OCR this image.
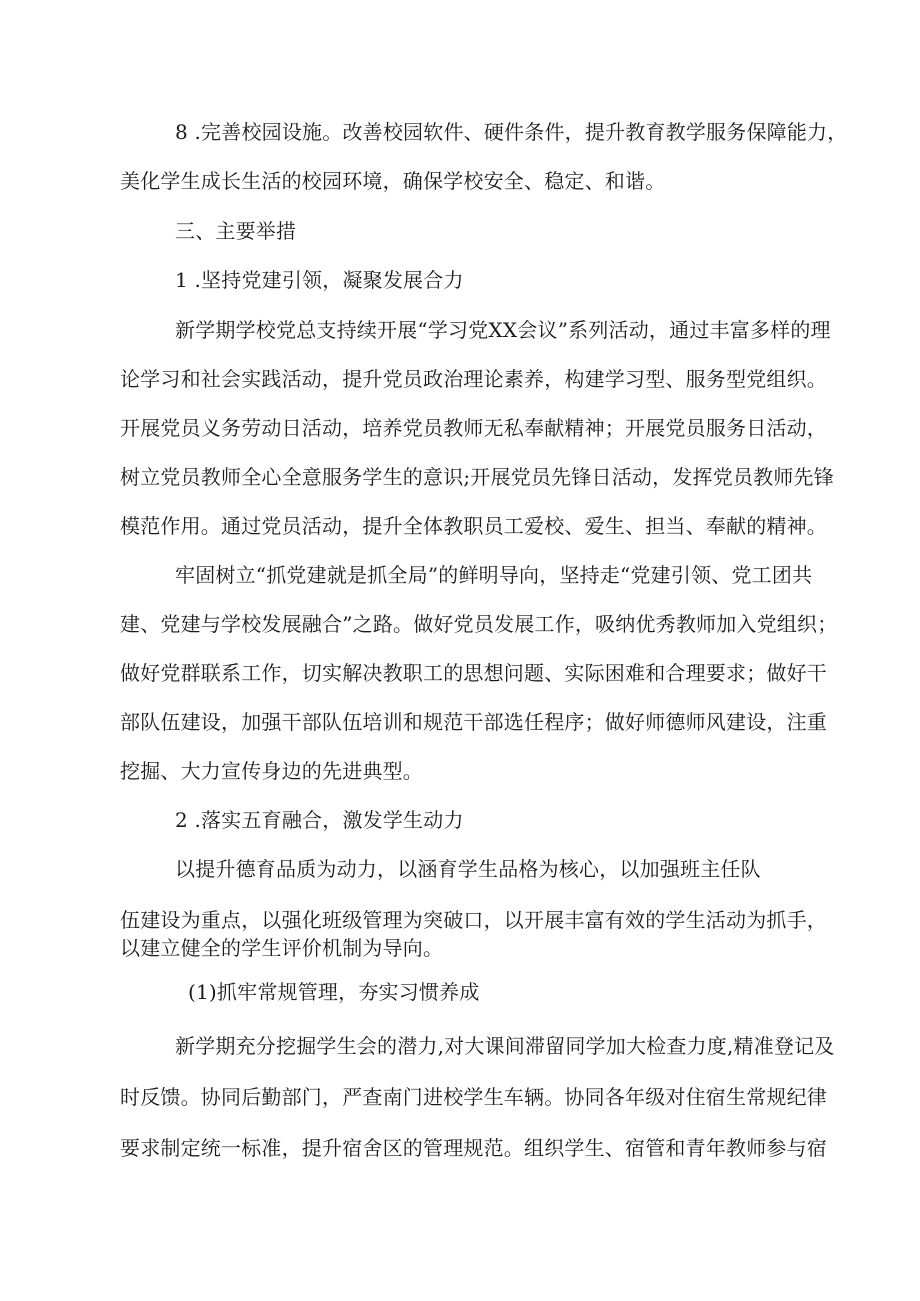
8 .完善校园设施。改善校园软件、硬件条件，提升教育教学服务保障能力，
美化学生成长生活的校园环境，确保学校安全、稳定、和谐。
三、主要举措
1 .坚持党建引领，凝聚发展合力
新学期学校党总支持续开展“学习党XX会议”系列活动，通过丰富多样的理
论学习和社会实践活动，提升党员政治理论素养，构建学习型、服务型党组织。
开展党员义务劳动日活动，培养党员教师无私奉献精神；开展党员服务日活动，
树立党员教师全心全意服务学生的意识;开展党员先锋日活动，发挥党员教师先锋
模范作用。通过党员活动，提升全体教职员工爱校、爱生、担当、奉献的精神。
牢固树立“抓党建就是抓全局”的鲜明导向，坚持走“党建引领、党工团共
建、党建与学校发展融合”之路。做好党员发展工作，吸纳优秀教师加入党组织；
做好党群联系工作，切实解决教职工的思想问题、实际困难和合理要求；做好干
部队伍建设，加强干部队伍培训和规范干部选任程序；做好师德师风建设，注重
挖掘、大力宣传身边的先进典型。
2 .落实五育融合，激发学生动力
以提升德育品质为动力，以涵育学生品格为核心，以加强班主任队
伍建设为重点，以强化班级管理为突破口，以开展丰富有效的学生活动为抓手，
以建立健全的学生评价机制为导向。
(1)抓牢常规管理，夯实习惯养成
新学期充分挖掘学生会的潜力,对大课间滞留同学加大检查力度,精准登记及
时反馈。协同后勤部门，严查南门进校学生车辆。协同各年级对住宿生常规纪律
要求制定统一标准，提升宿舍区的管理规范。组织学生、宿管和青年教师参与宿
